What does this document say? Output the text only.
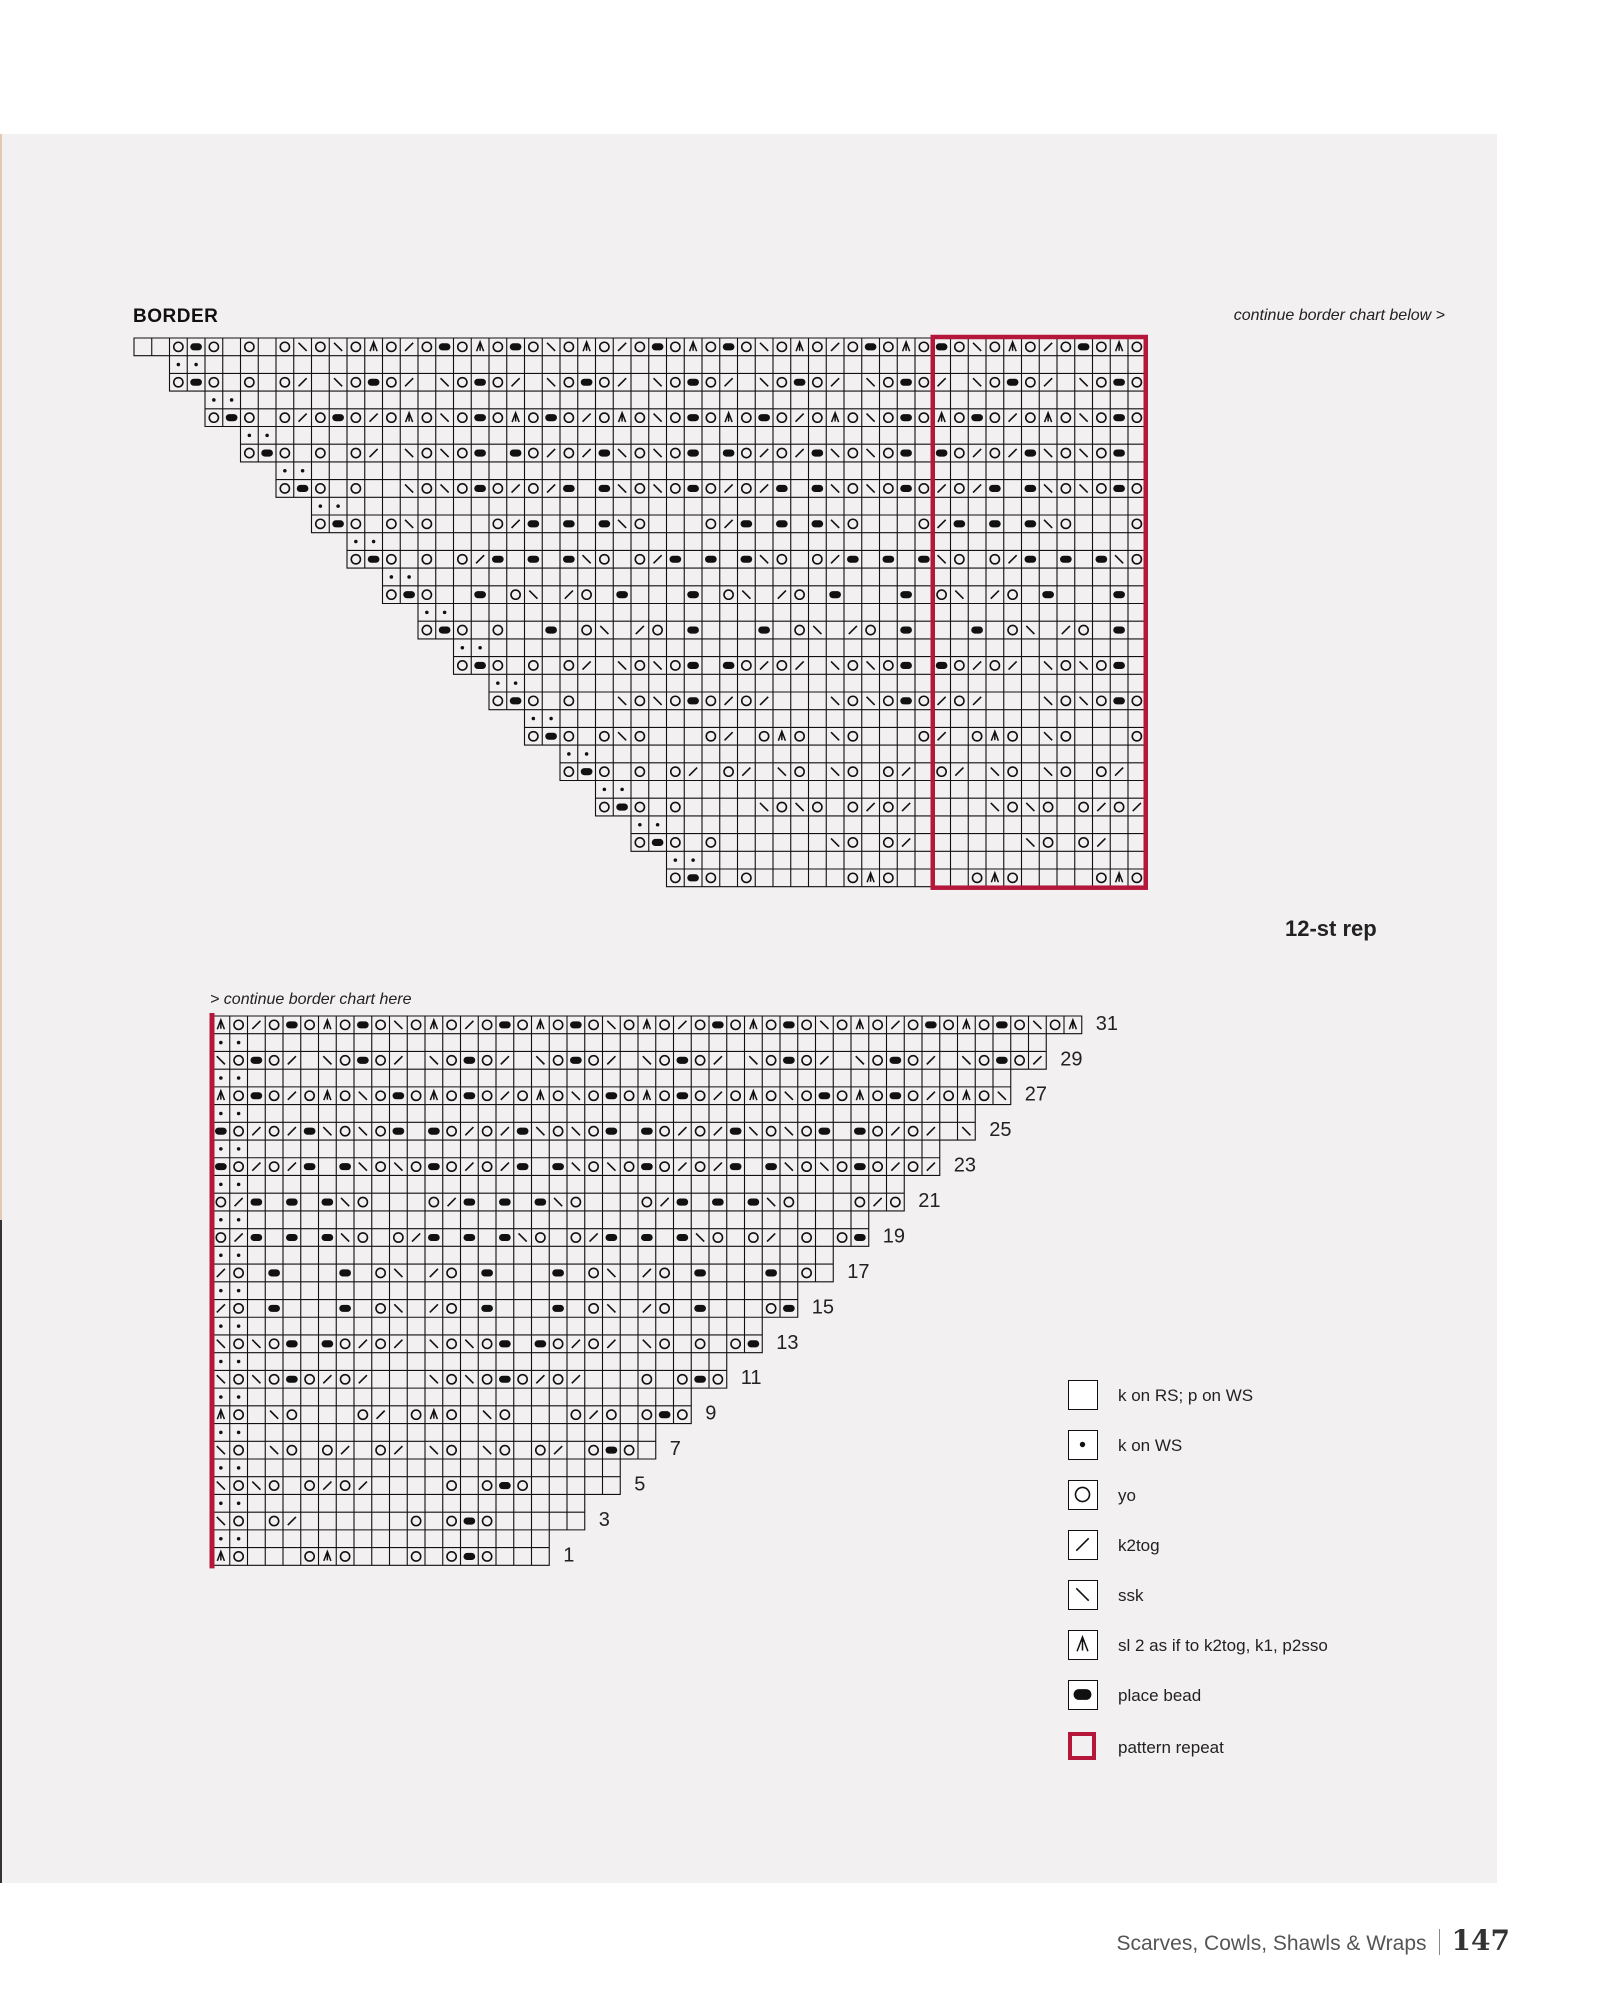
BORDER	continue border chart below >
> continue border chart here
12-st rep
1
3
5
7
9
11
13
15
17
19
21
23
25
27
29
31
k on RS; p on WS
k on WS
yo
k2tog
ssk
sl 2 as if to k2tog, k1, p2sso
place bead
pattern repeat
Scarves, Cowls, Shawls & Wraps 147
